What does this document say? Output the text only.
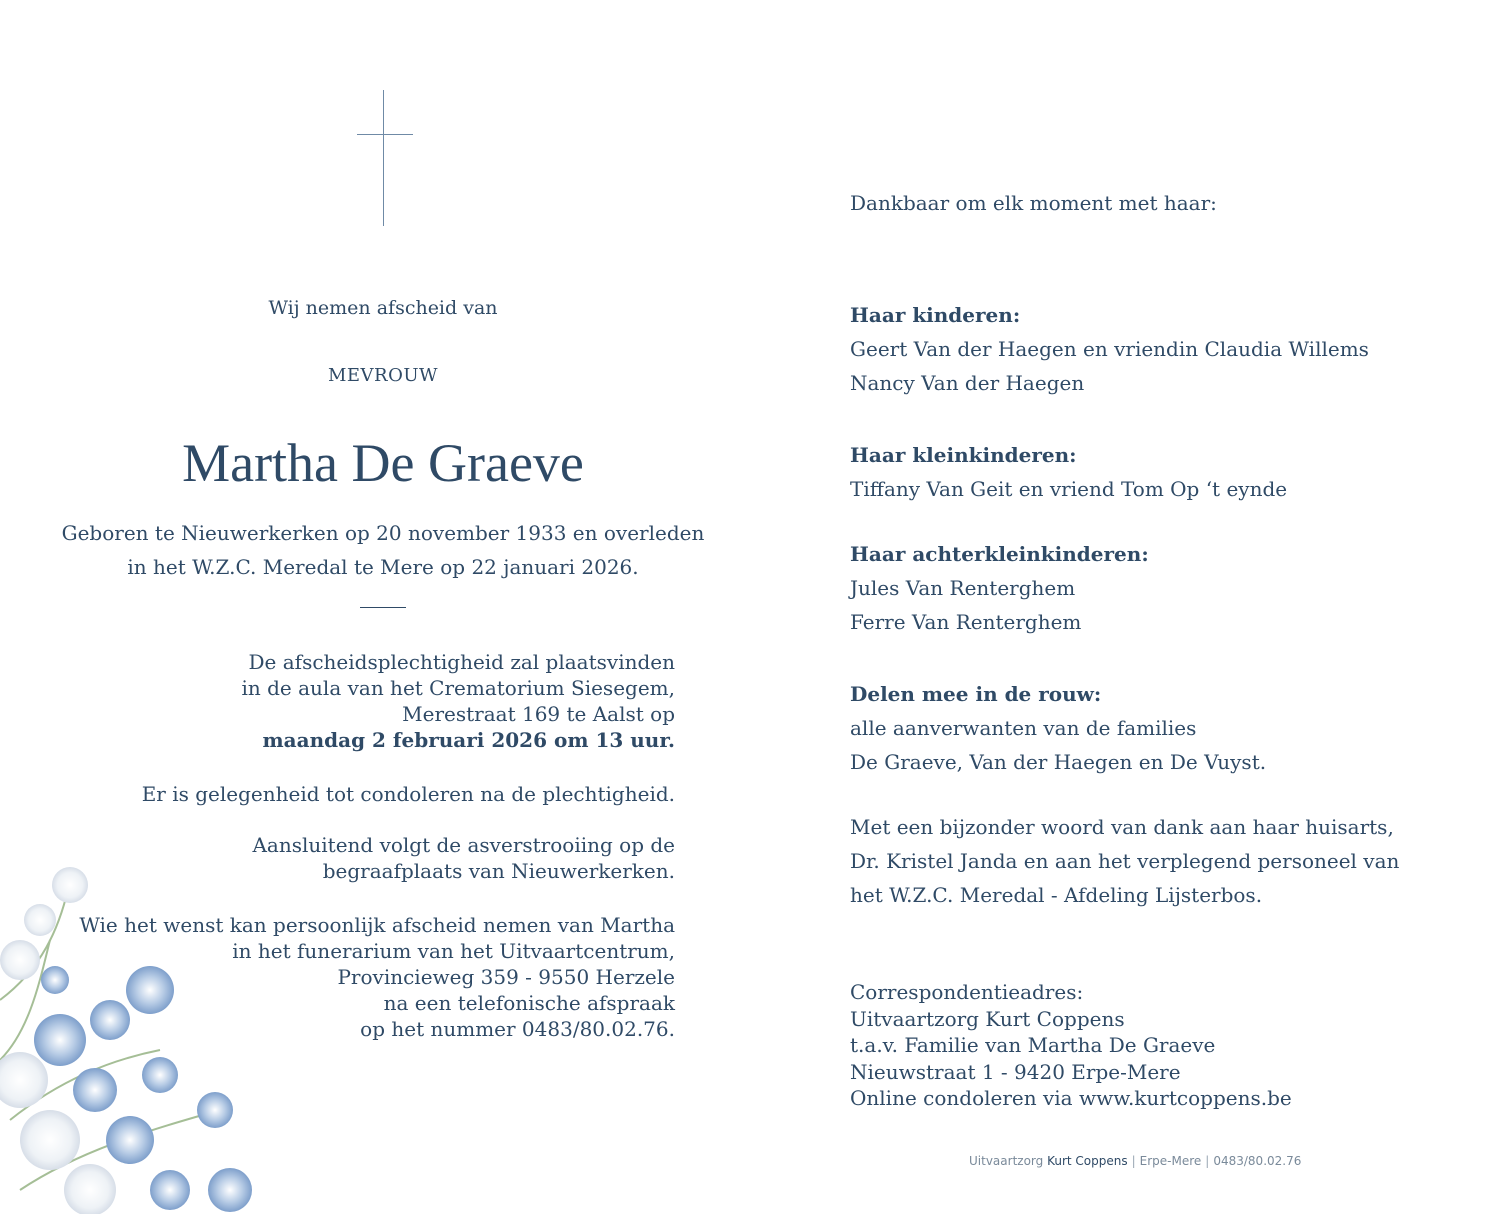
Wij nemen afscheid van
MEVROUW
Martha De Graeve
Geboren te Nieuwerkerken op 20 november 1933 en overleden
in het W.Z.C. Meredal te Mere op 22 januari 2026.
De afscheidsplechtigheid zal plaatsvinden
in de aula van het Crematorium Siesegem,
Merestraat 169 te Aalst op
maandag 2 februari 2026 om 13 uur.
Er is gelegenheid tot condoleren na de plechtigheid.
Aansluitend volgt de asverstrooiing op de
begraafplaats van Nieuwerkerken.
Wie het wenst kan persoonlijk afscheid nemen van Martha
in het funerarium van het Uitvaartcentrum,
Provincieweg 359 - 9550 Herzele
na een telefonische afspraak
op het nummer 0483/80.02.76.
Dankbaar om elk moment met haar:
Haar kinderen:
Geert Van der Haegen en vriendin Claudia Willems
Nancy Van der Haegen
Haar kleinkinderen:
Tiffany Van Geit en vriend Tom Op ‘t eynde
Haar achterkleinkinderen:
Jules Van Renterghem
Ferre Van Renterghem
Delen mee in de rouw:
alle aanverwanten van de families
De Graeve, Van der Haegen en De Vuyst.
Met een bijzonder woord van dank aan haar huisarts,
Dr. Kristel Janda en aan het verplegend personeel van
het W.Z.C. Meredal - Afdeling Lijsterbos.
Correspondentieadres:
Uitvaartzorg Kurt Coppens
t.a.v. Familie van Martha De Graeve
Nieuwstraat 1 - 9420 Erpe-Mere
Online condoleren via www.kurtcoppens.be
Uitvaartzorg Kurt Coppens | Erpe-Mere | 0483/80.02.76
